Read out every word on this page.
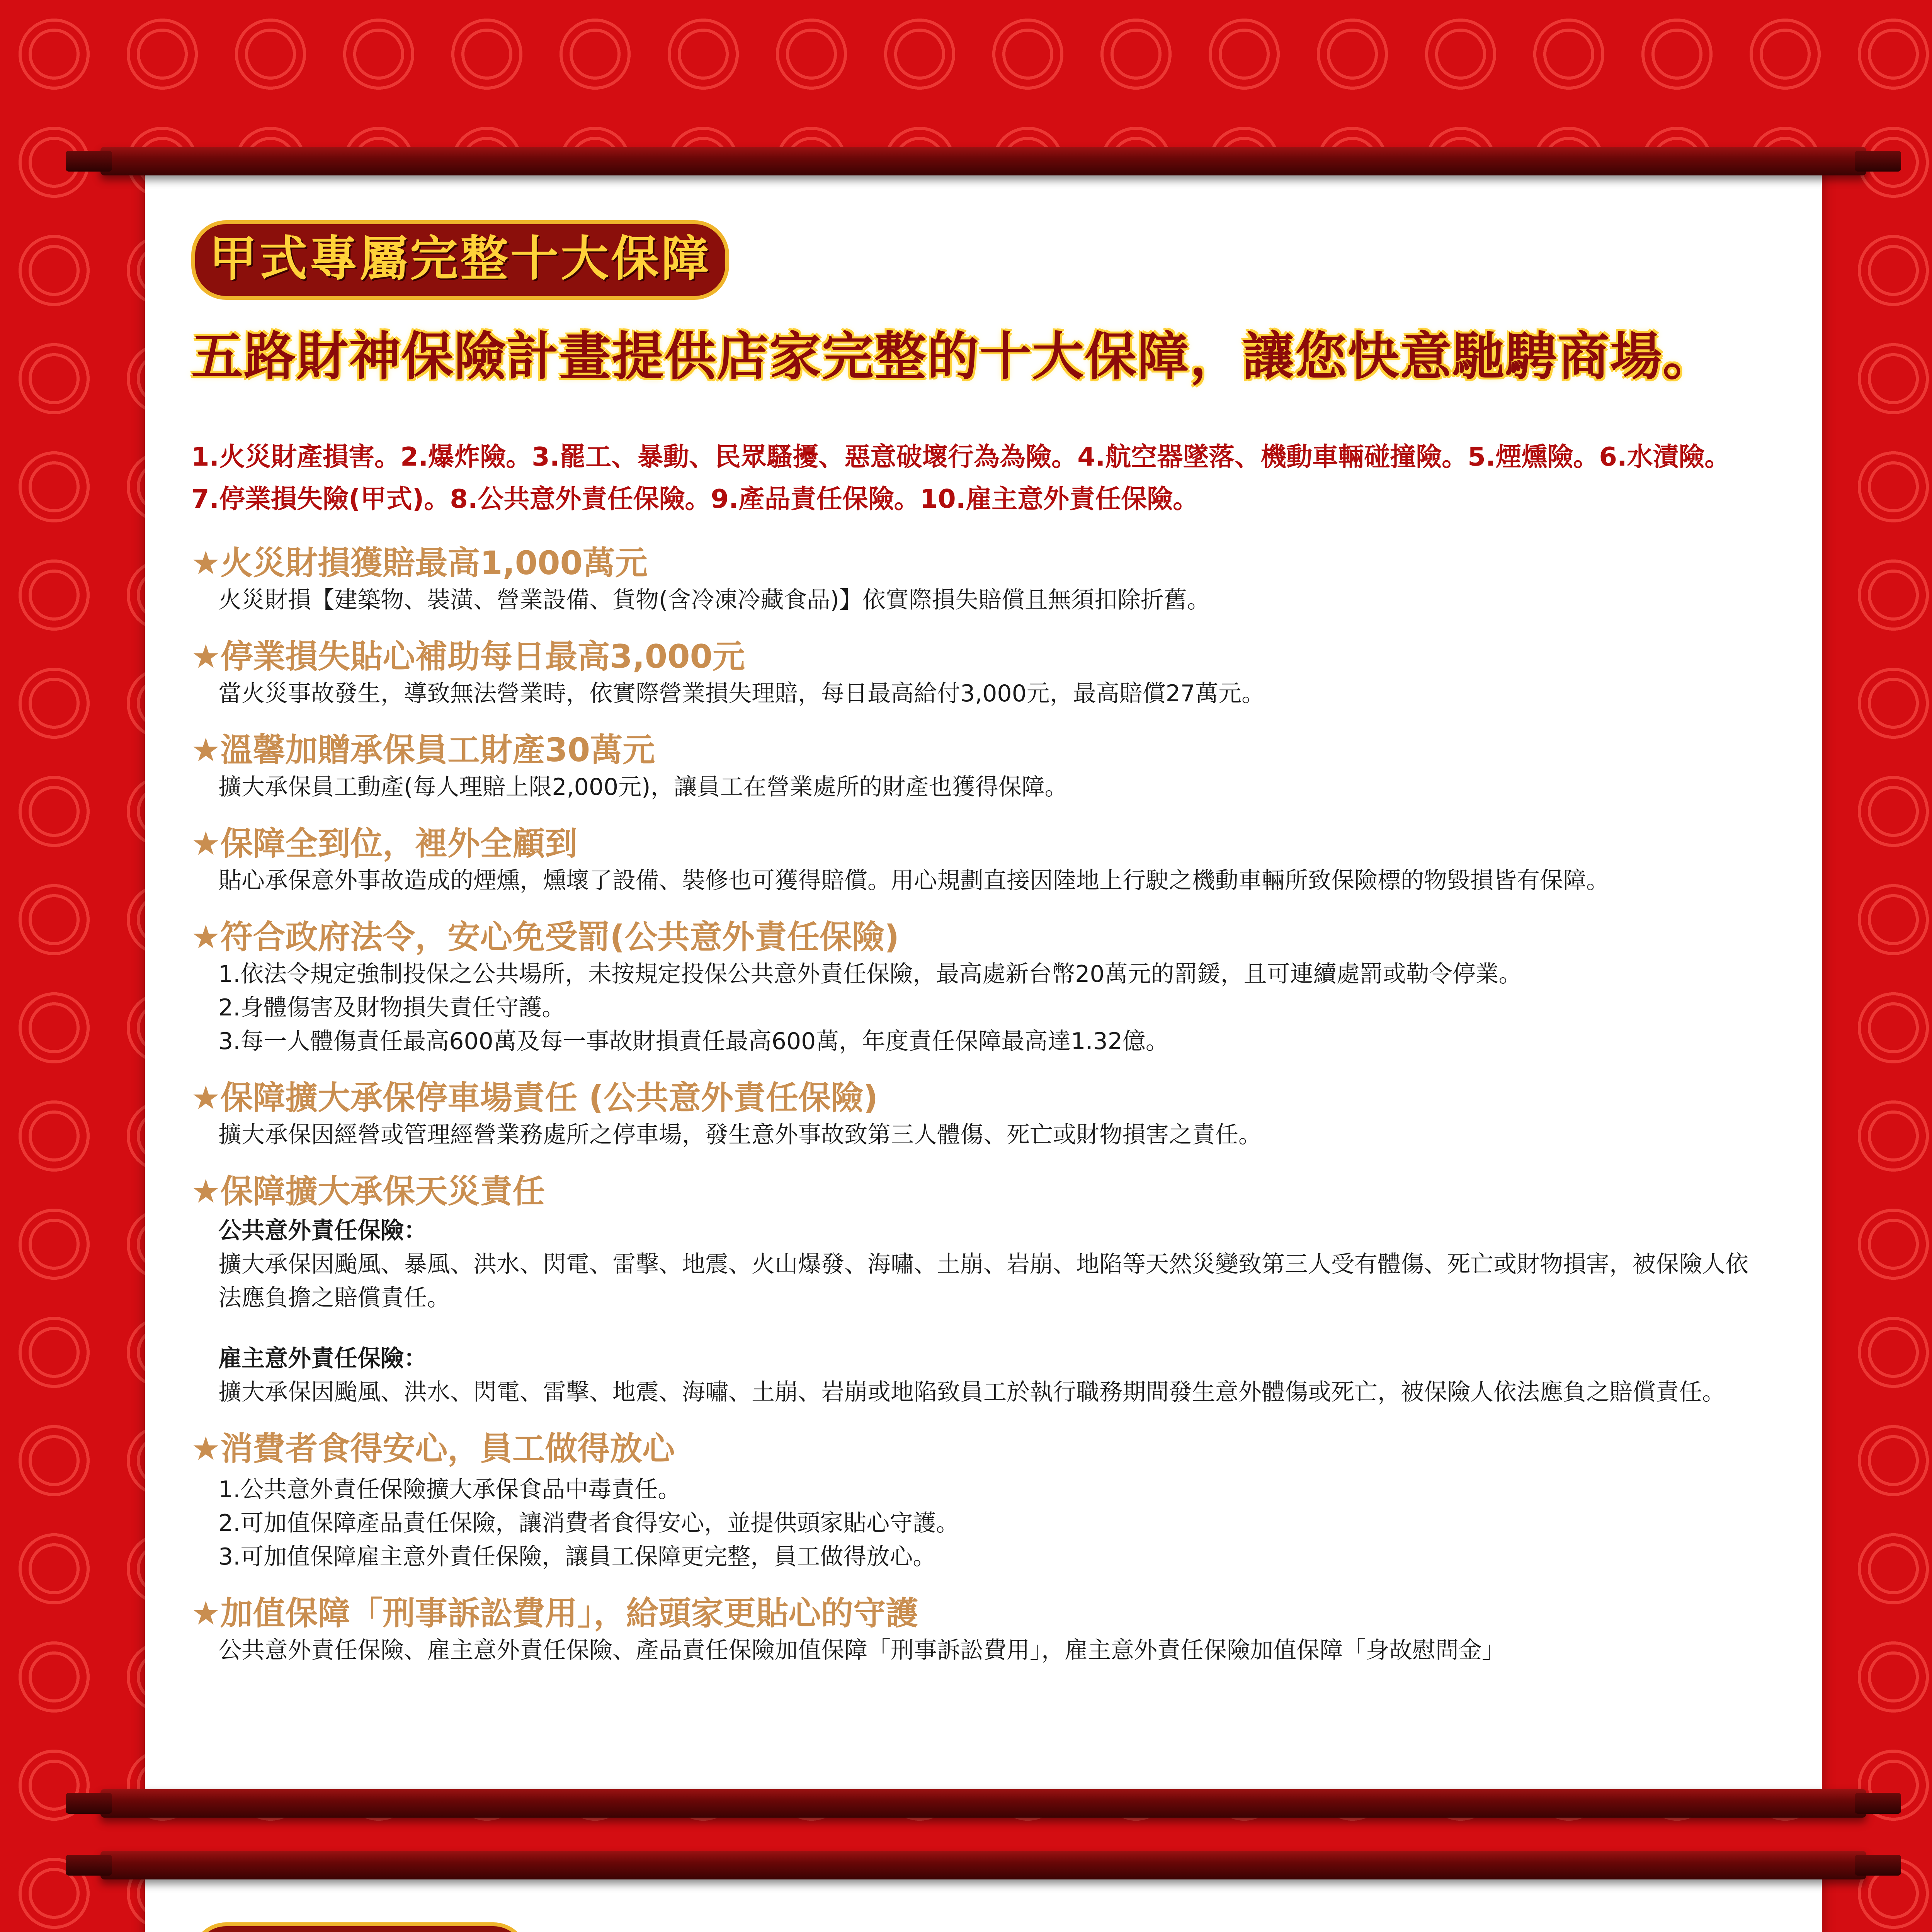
甲式專屬完整十大保障
五路財神保險計畫提供店家完整的十大保障，讓您快意馳騁商場。
1.火災財產損害。2.爆炸險。3.罷工、暴動、民眾騷擾、惡意破壞行為為險。4.航空器墜落、機動車輛碰撞險。5.煙燻險。6.水漬險。
7.停業損失險(甲式)。8.公共意外責任保險。9.產品責任保險。10.雇主意外責任保險。
★火災財損獲賠最高1,000萬元
火災財損【建築物、裝潢、營業設備、貨物(含冷凍冷藏食品)】依實際損失賠償且無須扣除折舊。
★停業損失貼心補助每日最高3,000元
當火災事故發生，導致無法營業時，依實際營業損失理賠，每日最高給付3,000元，最高賠償27萬元。
★溫馨加贈承保員工財產30萬元
擴大承保員工動產(每人理賠上限2,000元)，讓員工在營業處所的財產也獲得保障。
★保障全到位，裡外全顧到
貼心承保意外事故造成的煙燻，燻壞了設備、裝修也可獲得賠償。用心規劃直接因陸地上行駛之機動車輛所致保險標的物毀損皆有保障。
★符合政府法令，安心免受罰(公共意外責任保險)
1.依法令規定強制投保之公共場所，未按規定投保公共意外責任保險，最高處新台幣20萬元的罰鍰，且可連續處罰或勒令停業。
2.身體傷害及財物損失責任守護。
3.每一人體傷責任最高600萬及每一事故財損責任最高600萬，年度責任保障最高達1.32億。
★保障擴大承保停車場責任 (公共意外責任保險)
擴大承保因經營或管理經營業務處所之停車場，發生意外事故致第三人體傷、死亡或財物損害之責任。
★保障擴大承保天災責任
公共意外責任保險：
擴大承保因颱風、暴風、洪水、閃電、雷擊、地震、火山爆發、海嘯、土崩、岩崩、地陷等天然災變致第三人受有體傷、死亡或財物損害，被保險人依法應負擔之賠償責任。
雇主意外責任保險：
擴大承保因颱風、洪水、閃電、雷擊、地震、海嘯、土崩、岩崩或地陷致員工於執行職務期間發生意外體傷或死亡，被保險人依法應負之賠償責任。
★消費者食得安心，員工做得放心
1.公共意外責任保險擴大承保食品中毒責任。
2.可加值保障產品責任保險，讓消費者食得安心，並提供頭家貼心守護。
3.可加值保障雇主意外責任保險，讓員工保障更完整，員工做得放心。
★加值保障「刑事訴訟費用」，給頭家更貼心的守護
公共意外責任保險、雇主意外責任保險、產品責任保險加值保障「刑事訴訟費用」，雇主意外責任保險加值保障「身故慰問金」
